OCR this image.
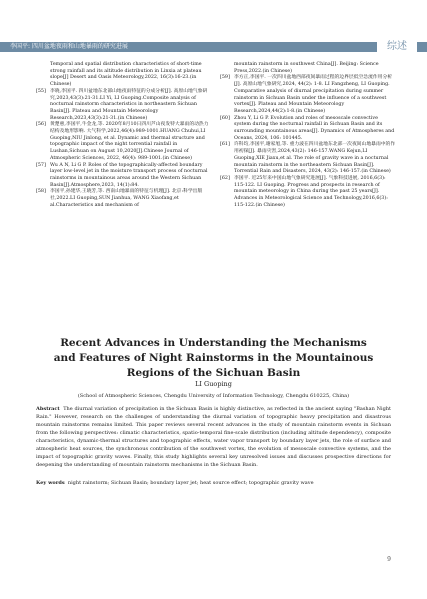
李国平: 四川盆地夜雨和山地暴雨的研究进展	综述
Temporal and spatial distribution characteristics of short-time strong rainfall and its altitude distribution in Linxia at plateau slope[J] Desert and Oasis Meteorology,2022, 16(3):16-23.(in Chinese)
[55] 李晓,李国平. 四川盆地东北部山地夜雨特征的分成分析[J]. 高原山地气象研究,2023,43(3):21-31.LI Yi, LI Guoping.Composite analysis of nocturnal rainstorm characteristics in northeastern Sichuan Basin[J]. Plateau and Mountain Meteorology Research,2023,43(3):21-31.(in Chinese)
[56] 黄楚惠,李国平,牛金龙,等. 2020年8月10日四川芦山夜发特大暴雨的动热力结构及地形影响. 大气科学,2022,46(4):989-1001.HUANG Chuhui,LI Guoping,NIU Jinlong, et al. Dynamic and thermal structure and topographic impact of the night torrential rainfall in Lushan,Sichuan on August 10,2020[J].Chinese Journal of Atmospheric Sciences, 2022, 46(4): 989-1001.(in Chinese)
[57] Wu A N, Li G P. Roles of the topographically-affected boundary layer low-level jet in the moisture transport process of nocturnal rainstorms in mountainous areas around the Western Sichuan Basin[J].Atmosphere,2023, 14(1):84.
[58] 李国平,孙建华,王晓芳,等. 西南山地暴雨的特征与机理[J]. 北京:科学出版社,2022.LI Guoping,SUN Jianhua, WANG Xiaofang,et al.Characteristics and mechanism of
mountain rainstorm in southwest China[J]. Beijing: Science Press,2022.(in Chinese)
[59] 李方正,李国平. 一次四川盆地西部夜间暴雨过程的边界层低空急流作用分析[J]. 高原山地气象研究,2024, 44(2): 1-8. LI Fangzheng, LI Guoping. Comparative analysis of diurnal precipitation during summer rainstorm in Sichuan Basin under the influence of a southwest vortex[J]. Plateau and Mountain Meteorology Research,2024,44(2):1-8.(in Chinese)
[60] Zhou Y, Li G P. Evolution and roles of mesoscale convective system during the nocturnal rainfall in Sichuan Basin and its surrounding mountainous areas[J]. Dynamics of Atmospheres and Oceans, 2024, 106: 101445.
[61] 许科均,李国平,谢家旭,等. 重力波在四川盆地东北部一次夜间山地暴雨中的作用初探[J]. 暴雨灾害,2024,43(2): 146-157.WANG Kejun,LI Guoping,XIE Jiaxu,et al. The role of gravity wave in a nocturnal mountain rainstorm in the northeastern Sichuan Basin[J]. Torrential Rain and Disasters, 2024, 43(2): 146-157.(in Chinese)
[62] 李国平. 近25年来中国山地气象研究进展[J]. 气象科技进展, 2016,6(3): 115-122. LI Guoping. Progress and prospects in research of mountain meteorology in China during the past 25 years[J]. Advances in Meteorological Science and Technology,2016,6(3): 115-122.(in Chinese)
Recent Advances in Understanding the Mechanisms and Features of Night Rainstorms in the Mountainous Regions of the Sichuan Basin
LI Guoping
(School of Atmospheric Sciences, Chengdu University of Information Technology, Chengdu 610225, China)
Abstract The diurnal variation of precipitation in the Sichuan Basin is highly distinctive, as reflected in the ancient saying "Bashan Night Rain." However, research on the challenges of understanding the diurnal variation of topographic heavy precipitation and disastrous mountain rainstorms remains limited. This paper reviews several recent advances in the study of mountain rainstorm events in Sichuan from the following perspectives: climatic characteristics, spatio-temporal fine-scale distribution (including altitude dependency), composite characteristics, dynamic-thermal structures and topographic effects, water vapor transport by boundary layer jets, the role of surface and atmospheric heat sources, the synchronous contribution of the southwest vortex, the evolution of mesoscale convective systems, and the impact of topographic gravity waves. Finally, this study highlights several key unresolved issues and discusses prospective directions for deepening the understanding of mountain rainstorm mechanisms in the Sichuan Basin.
Key words night rainstorm; Sichuan Basin; boundary layer jet; heat source effect; topographic gravity wave
9
